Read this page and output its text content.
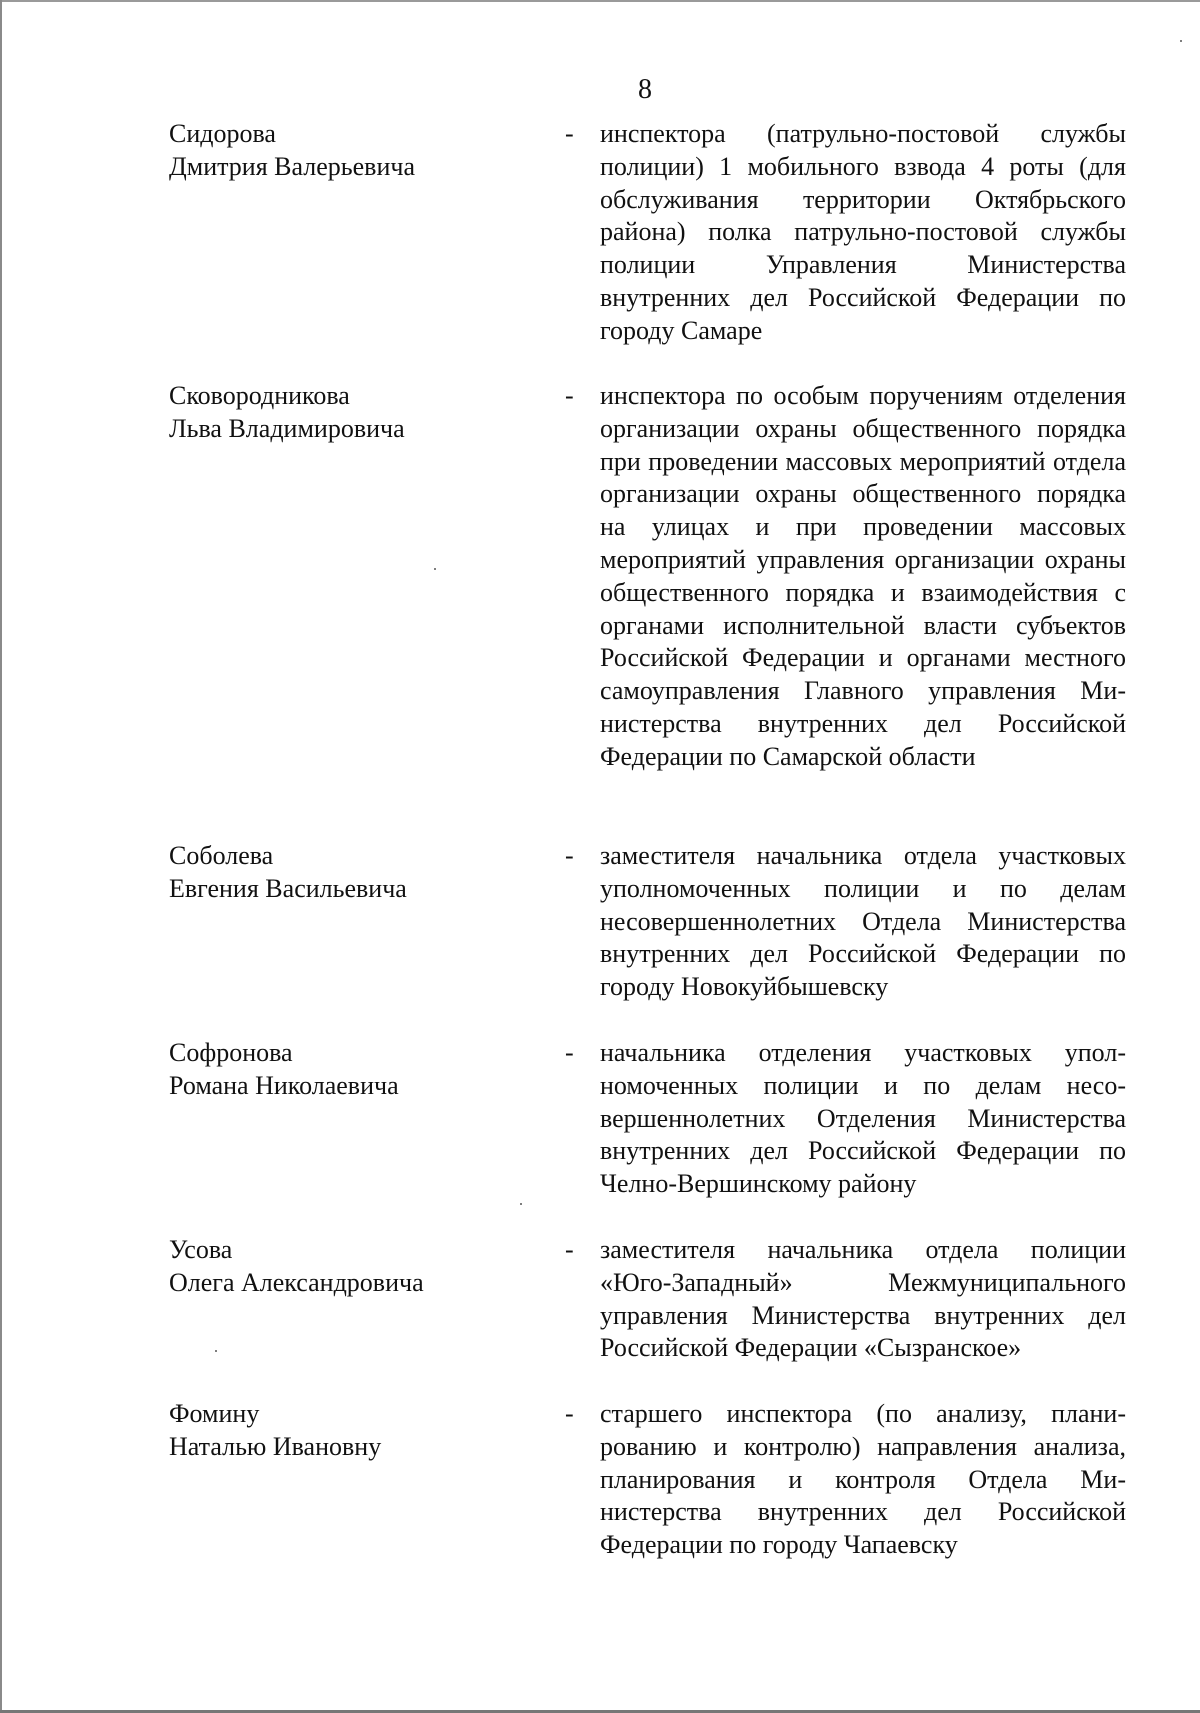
8
Сидорова
Дмитрия Валерьевича
- инспектора (патрульно-постовой службы полиции) 1 мобильного взвода 4 роты (для обслуживания территории Октябрьского района) полка патрульно-постовой службы полиции Управления Министерства внутренних дел Российской Федерации по городу Самаре
Сковородникова
Льва Владимировича
- инспектора по особым поручениям отделения организации охраны общественного порядка при проведении массовых мероприятий отдела организации охраны общественного порядка на улицах и при проведении массовых мероприятий управления организации охраны общественного порядка и взаимодействия с органами исполнительной власти субъектов Российской Федерации и органами местного самоуправления Главного управления Министерства внутренних дел Российской Федерации по Самарской области
Соболева
Евгения Васильевича
- заместителя начальника отдела участковых уполномоченных полиции и по делам несовершеннолетних Отдела Министерства внутренних дел Российской Федерации по городу Новокуйбышевску
Софронова
Романа Николаевича
- начальника отделения участковых уполномоченных полиции и по делам несовершеннолетних Отделения Министерства внутренних дел Российской Федерации по Челно-Вершинскому району
Усова
Олега Александровича
- заместителя начальника отдела полиции «Юго-Западный» Межмуниципального управления Министерства внутренних дел Российской Федерации «Сызранское»
Фомину
Наталью Ивановну
- старшего инспектора (по анализу, планированию и контролю) направления анализа, планирования и контроля Отдела Министерства внутренних дел Российской Федерации по городу Чапаевску
